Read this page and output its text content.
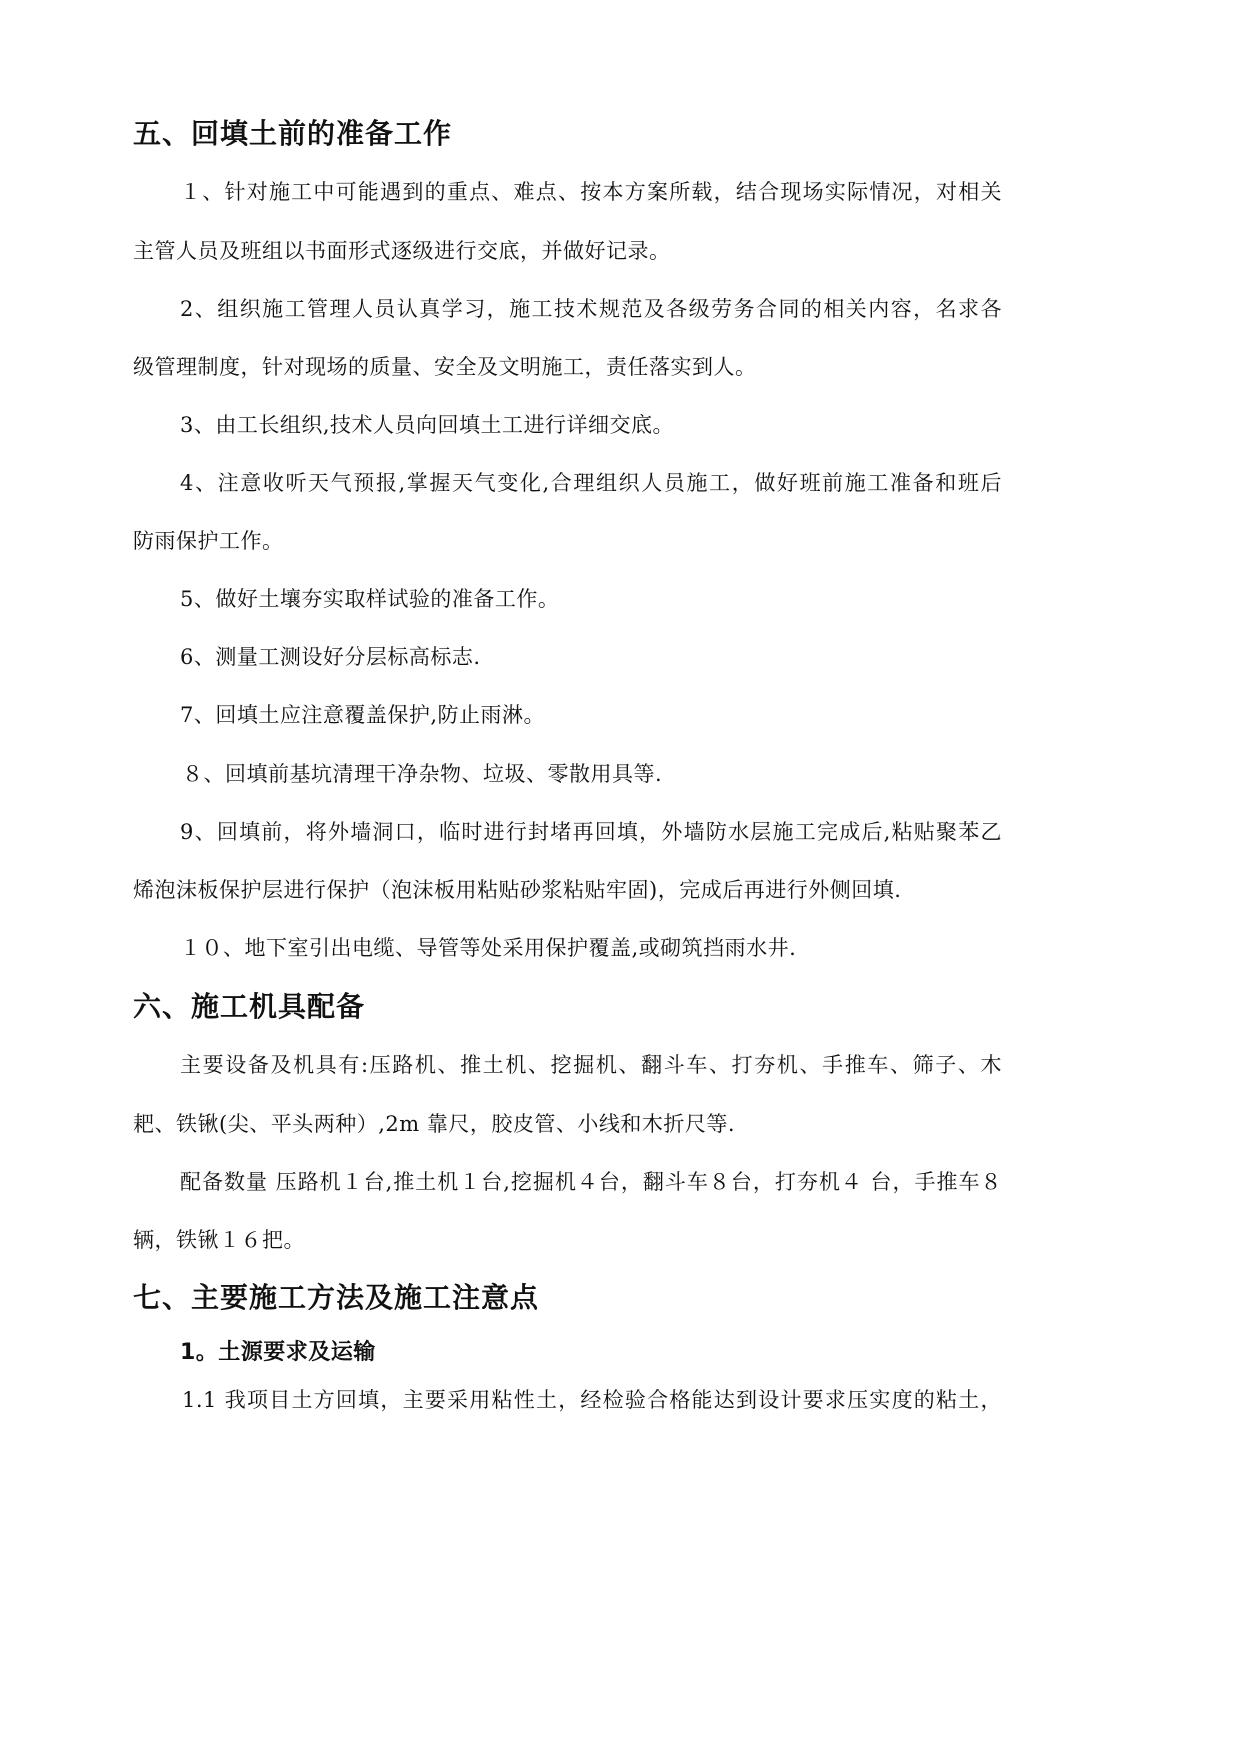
五、回填土前的准备工作
１、针对施工中可能遇到的重点、难点、按本方案所载，结合现场实际情况，对相关
主管人员及班组以书面形式逐级进行交底，并做好记录。
2、组织施工管理人员认真学习，施工技术规范及各级劳务合同的相关内容，名求各
级管理制度，针对现场的质量、安全及文明施工，责任落实到人。
3、由工长组织,技术人员向回填土工进行详细交底。
4、注意收听天气预报,掌握天气变化,合理组织人员施工，做好班前施工准备和班后
防雨保护工作。
5、做好土壤夯实取样试验的准备工作。
6、测量工测设好分层标高标志.
7、回填土应注意覆盖保护,防止雨淋。
８、回填前基坑清理干净杂物、垃圾、零散用具等.
9、回填前，将外墙洞口，临时进行封堵再回填，外墙防水层施工完成后,粘贴聚苯乙
烯泡沫板保护层进行保护（泡沫板用粘贴砂浆粘贴牢固)，完成后再进行外侧回填.
１０、地下室引出电缆、导管等处采用保护覆盖,或砌筑挡雨水井.
六、施工机具配备
主要设备及机具有:压路机、推土机、挖掘机、翻斗车、打夯机、手推车、筛子、木
耙、铁锹(尖、平头两种）,2m 靠尺，胶皮管、小线和木折尺等.
配备数量 压路机１台,推土机１台,挖掘机４台，翻斗车８台，打夯机４ 台，手推车８
辆，铁锹１６把。
七、主要施工方法及施工注意点
1。土源要求及运输
1.1 我项目土方回填，主要采用粘性土，经检验合格能达到设计要求压实度的粘土，
